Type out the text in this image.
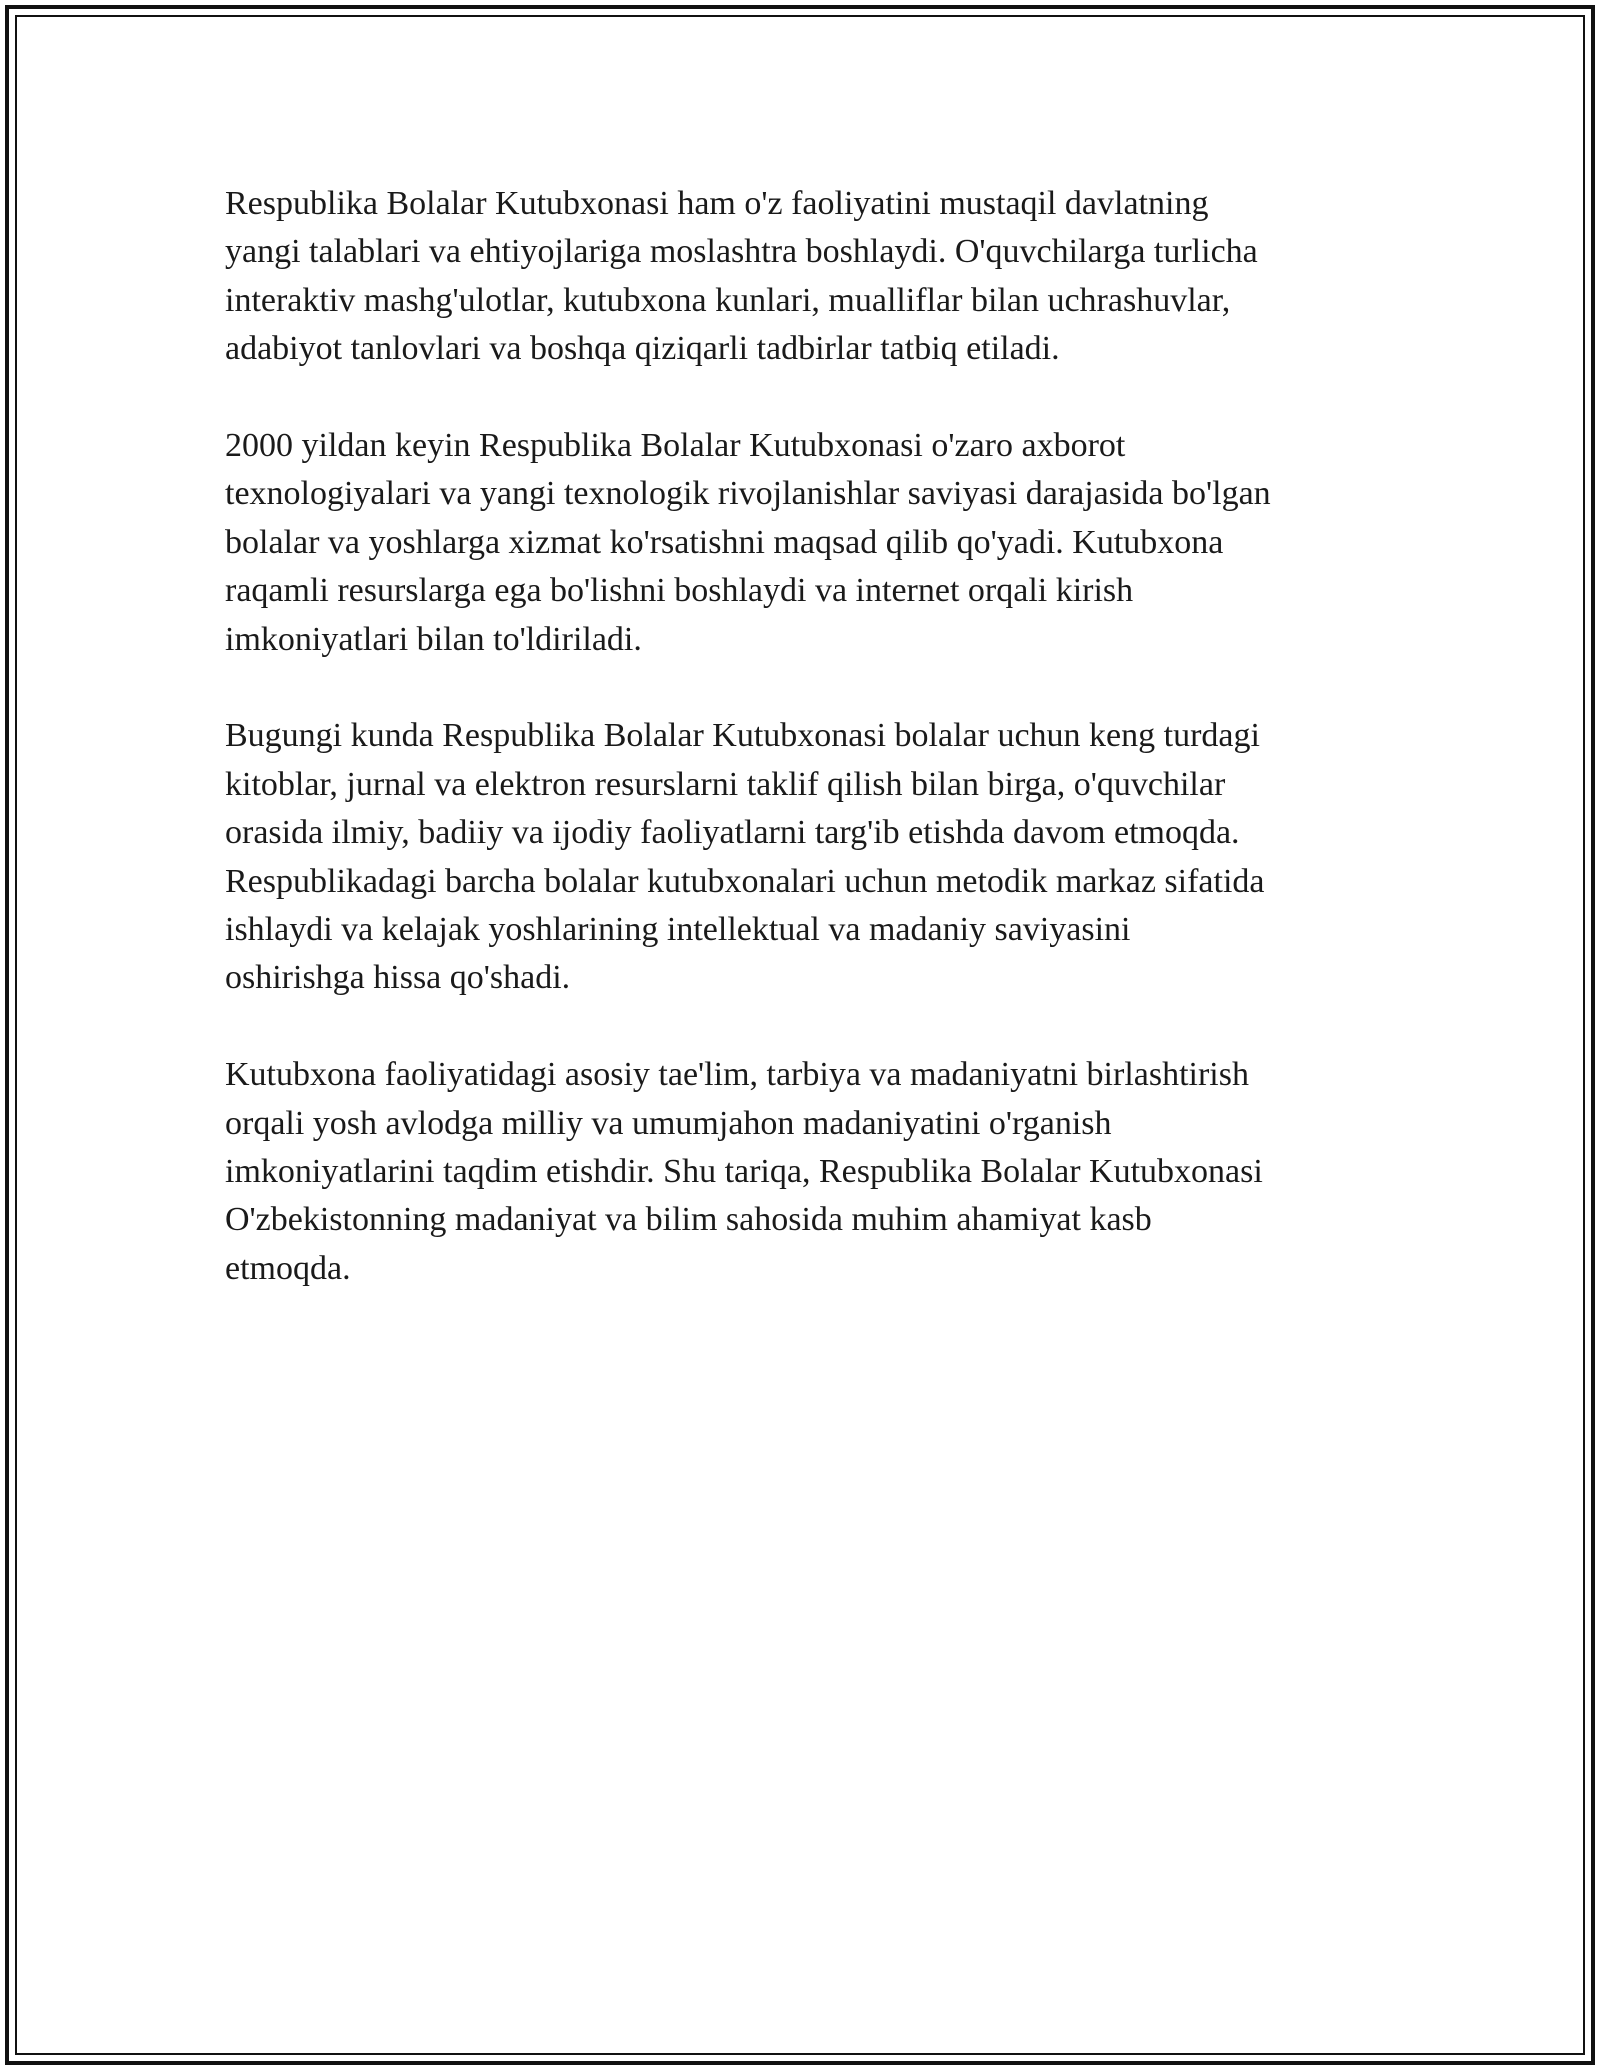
Respublika Bolalar Kutubxonasi ham o'z faoliyatini mustaqil davlatning
yangi talablari va ehtiyojlariga moslashtra boshlaydi. O'quvchilarga turlicha
interaktiv mashg'ulotlar, kutubxona kunlari, mualliflar bilan uchrashuvlar,
adabiyot tanlovlari va boshqa qiziqarli tadbirlar tatbiq etiladi.

2000 yildan keyin Respublika Bolalar Kutubxonasi o'zaro axborot
texnologiyalari va yangi texnologik rivojlanishlar saviyasi darajasida bo'lgan
bolalar va yoshlarga xizmat ko'rsatishni maqsad qilib qo'yadi. Kutubxona
raqamli resurslarga ega bo'lishni boshlaydi va internet orqali kirish
imkoniyatlari bilan to'ldiriladi.

Bugungi kunda Respublika Bolalar Kutubxonasi bolalar uchun keng turdagi
kitoblar, jurnal va elektron resurslarni taklif qilish bilan birga, o'quvchilar
orasida ilmiy, badiiy va ijodiy faoliyatlarni targ'ib etishda davom etmoqda.
Respublikadagi barcha bolalar kutubxonalari uchun metodik markaz sifatida
ishlaydi va kelajak yoshlarining intellektual va madaniy saviyasini
oshirishga hissa qo'shadi.

Kutubxona faoliyatidagi asosiy tae'lim, tarbiya va madaniyatni birlashtirish
orqali yosh avlodga milliy va umumjahon madaniyatini o'rganish
imkoniyatlarini taqdim etishdir. Shu tariqa, Respublika Bolalar Kutubxonasi
O'zbekistonning madaniyat va bilim sahosida muhim ahamiyat kasb
etmoqda.
